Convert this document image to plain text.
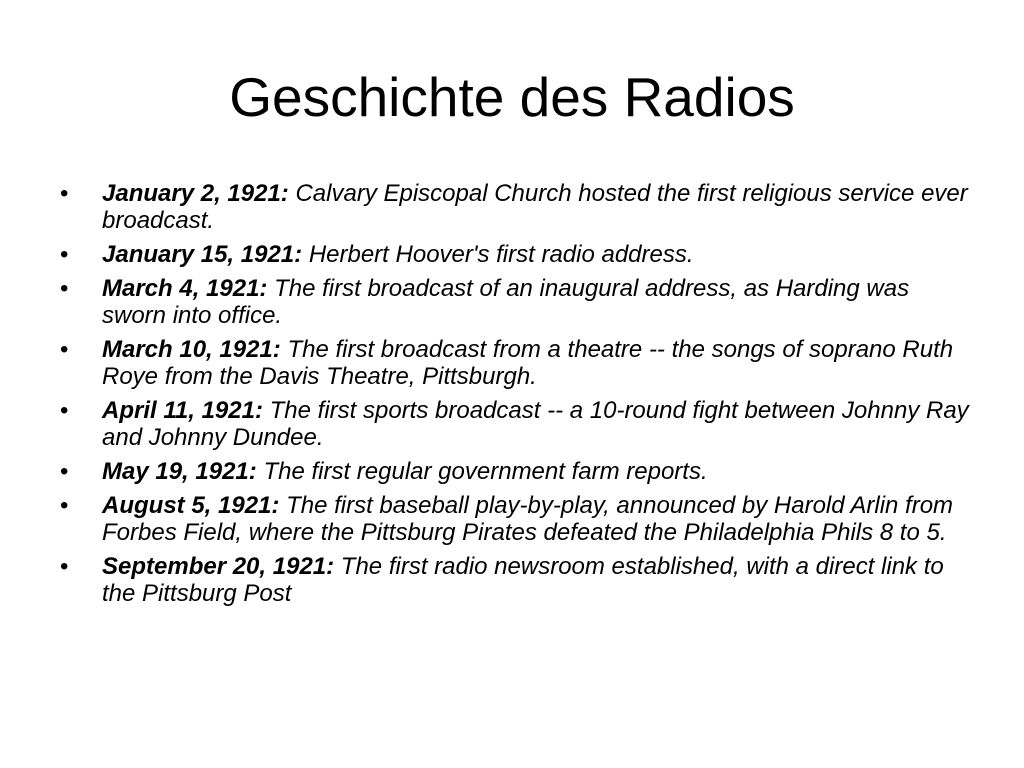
Geschichte des Radios
• January 2, 1921: Calvary Episcopal Church hosted the first religious service ever broadcast.
• January 15, 1921: Herbert Hoover's first radio address.
• March 4, 1921: The first broadcast of an inaugural address, as Harding was sworn into office.
• March 10, 1921: The first broadcast from a theatre -- the songs of soprano Ruth Roye from the Davis Theatre, Pittsburgh.
• April 11, 1921: The first sports broadcast -- a 10-round fight between Johnny Ray and Johnny Dundee.
• May 19, 1921: The first regular government farm reports.
• August 5, 1921: The first baseball play-by-play, announced by Harold Arlin from Forbes Field, where the Pittsburg Pirates defeated the Philadelphia Phils 8 to 5.
• September 20, 1921: The first radio newsroom established, with a direct link to the Pittsburg Post
